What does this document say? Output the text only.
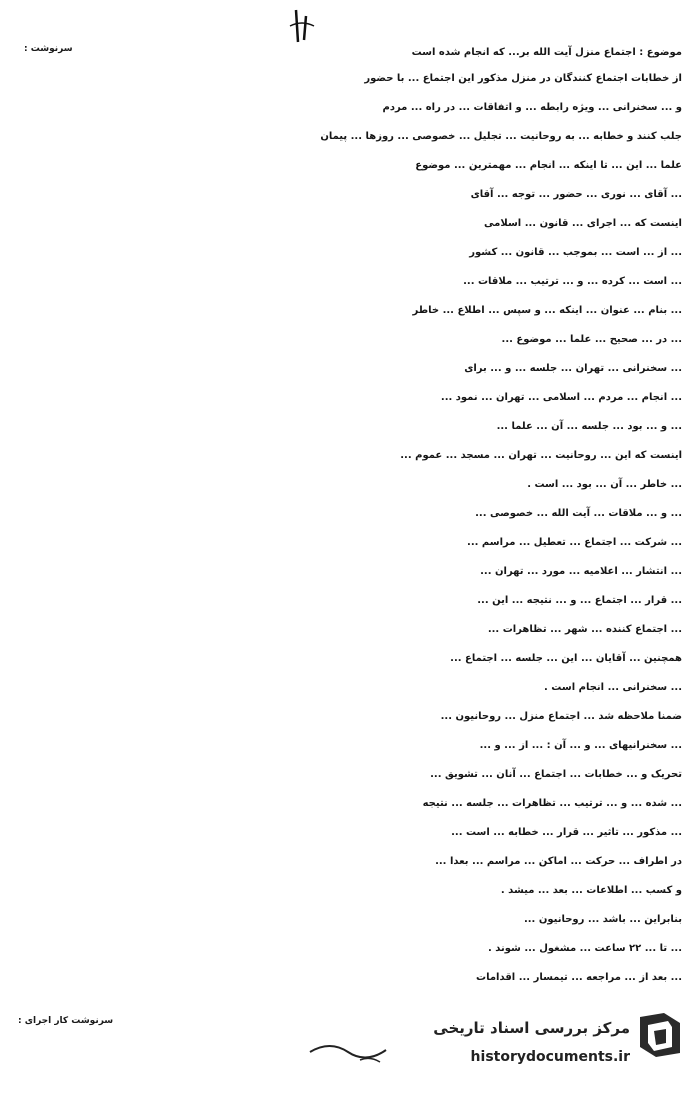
سرنوشت :	موضوع : اجتماع منزل آیت الله بر... که انجام شده است
از خطابات اجتماع کنندگان در منزل مذکور این اجتماع ... با حضور
و ... سخنرانی ... ویژه رابطه ... و اتفاقات ... در راه ... مردم
جلب کنند و خطابه ... به روحانیت ... تجلیل ... خصوصی ... روزها ... پیمان
علما ... این ... تا اینکه ... انجام ... مهمترین ... موضوع
... آقای ... نوری ... حضور ... توجه ... آقای
اینست که ... اجرای ... قانون ... اسلامی
... از ... است ... بموجب ... قانون ... کشور
... است ... کرده ... و ... ترتیب ... ملاقات ...
... بنام ... عنوان ... اینکه ... و سپس ... اطلاع ... خاطر
... در ... صحیح ... علما ... موضوع ...
... سخنرانی ... تهران ... جلسه ... و ... برای
... انجام ... مردم ... اسلامی ... تهران ... نمود ...
... و ... بود ... جلسه ... آن ... علما ...
اینست که این ... روحانیت ... تهران ... مسجد ... عموم ...
... خاطر ... آن ... بود ... است .
... و ... ملاقات ... آیت الله ... خصوصی ...
... شرکت ... اجتماع ... تعطیل ... مراسم ...
... انتشار ... اعلامیه ... مورد ... تهران ...
... قرار ... اجتماع ... و ... نتیجه ... این ...
... اجتماع کننده ... شهر ... تظاهرات ...
همچنین ... آقایان ... این ... جلسه ... اجتماع ...
... سخنرانی ... انجام است .
ضمنا ملاحظه شد ... اجتماع منزل ... روحانیون ...
... سخنرانیهای ... و ... آن : ... از ... و ...
تحریک و ... خطابات ... اجتماع ... آنان ... تشویق ...
... شده ... و ... ترتیب ... تظاهرات ... جلسه ... نتیجه
... مذکور ... تاثیر ... قرار ... خطابه ... است ...
در اطراف ... حرکت ... اماکن ... مراسم ... بعدا ...
و کسب ... اطلاعات ... بعد ... میشد .
بنابراین ... باشد ... روحانیون ...
... تا ... ۲۲ ساعت ... مشغول ... شوند .
... بعد از ... مراجعه ... تیمسار ... اقدامات
سرنوشت کار اجرای :	مرکز بررسی اسناد تاریخی
historydocuments.ir
